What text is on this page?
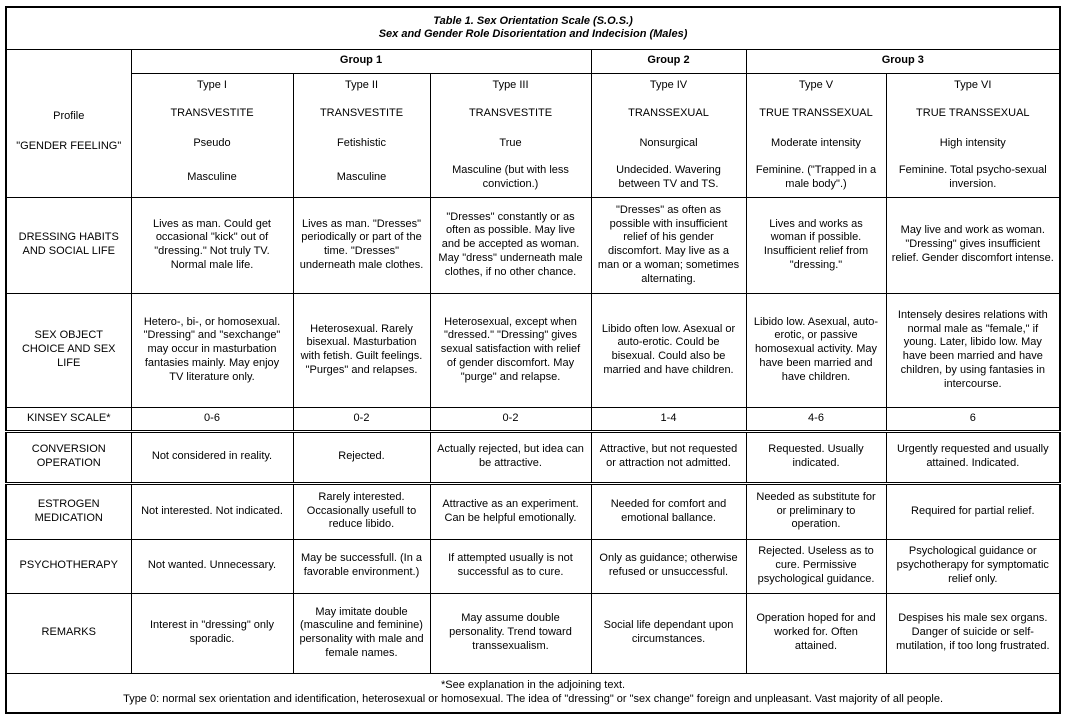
Table 1. Sex Orientation Scale (S.O.S.)
Sex and Gender Role Disorientation and Indecision (Males)						

Profile
"GENDER FEELING"	Group 1			Group 2	Group 3	
	Type I	Type II	Type III	Type IV	Type V	Type VI
	TRANSVESTITE	TRANSVESTITE	TRANSVESTITE	TRANSSEXUAL	TRUE TRANSSEXUAL	TRUE TRANSSEXUAL
	Pseudo	Fetishistic	True	Nonsurgical	Moderate intensity	High intensity
	Masculine	Masculine	Masculine (but with less conviction.)	Undecided. Wavering between TV and TS.	Feminine. ("Trapped in a male body".)	Feminine. Total psycho-sexual inversion.
DRESSING HABITS AND SOCIAL LIFE	Lives as man. Could get occasional "kick" out of "dressing." Not truly TV. Normal male life.	Lives as man. "Dresses" periodically or part of the time. "Dresses" underneath male clothes.	"Dresses" constantly or as often as possible. May live and be accepted as woman. May "dress" underneath male clothes, if no other chance.	"Dresses" as often as possible with insufficient relief of his gender discomfort. May live as a man or a woman; sometimes alternating.	Lives and works as woman if possible. Insufficient relief from "dressing."	May live and work as woman. "Dressing" gives insufficient relief. Gender discomfort intense.
SEX OBJECT CHOICE AND SEX LIFE	Hetero-, bi-, or homosexual. "Dressing" and "sexchange" may occur in masturbation fantasies mainly. May enjoy TV literature only.	Heterosexual. Rarely bisexual. Masturbation with fetish. Guilt feelings. "Purges" and relapses.	Heterosexual, except when "dressed." "Dressing" gives sexual satisfaction with relief of gender discomfort. May "purge" and relapse.	Libido often low. Asexual or auto-erotic. Could be bisexual. Could also be married and have children.	Libido low. Asexual, auto-erotic, or passive homosexual activity. May have been married and have children.	Intensely desires relations with normal male as "female," if young. Later, libido low. May have been married and have children, by using fantasies in intercourse.
KINSEY SCALE*	0-6	0-2	0-2	1-4	4-6	6
CONVERSION OPERATION	Not considered in reality.	Rejected.	Actually rejected, but idea can be attractive.	Attractive, but not requested or attraction not admitted.	Requested. Usually indicated.	Urgently requested and usually attained. Indicated.
ESTROGEN MEDICATION	Not interested. Not indicated.	Rarely interested. Occasionally usefull to reduce libido.	Attractive as an experiment. Can be helpful emotionally.	Needed for comfort and emotional ballance.	Needed as substitute for or preliminary to operation.	Required for partial relief.
PSYCHOTHERAPY	Not wanted. Unnecessary.	May be successfull. (In a favorable environment.)	If attempted usually is not successful as to cure.	Only as guidance; otherwise refused or unsuccessful.	Rejected. Useless as to cure. Permissive psychological guidance.	Psychological guidance or psychotherapy for symptomatic relief only.
REMARKS	Interest in "dressing" only sporadic.	May imitate double (masculine and feminine) personality with male and female names.	May assume double personality. Trend toward transsexualism.	Social life dependant upon circumstances.	Operation hoped for and worked for. Often attained.	Despises his male sex organs. Danger of suicide or self-mutilation, if too long frustrated.

*See explanation in the adjoining text.
Type 0: normal sex orientation and identification, heterosexual or homosexual. The idea of "dressing" or "sex change" foreign and unpleasant. Vast majority of all people.						
